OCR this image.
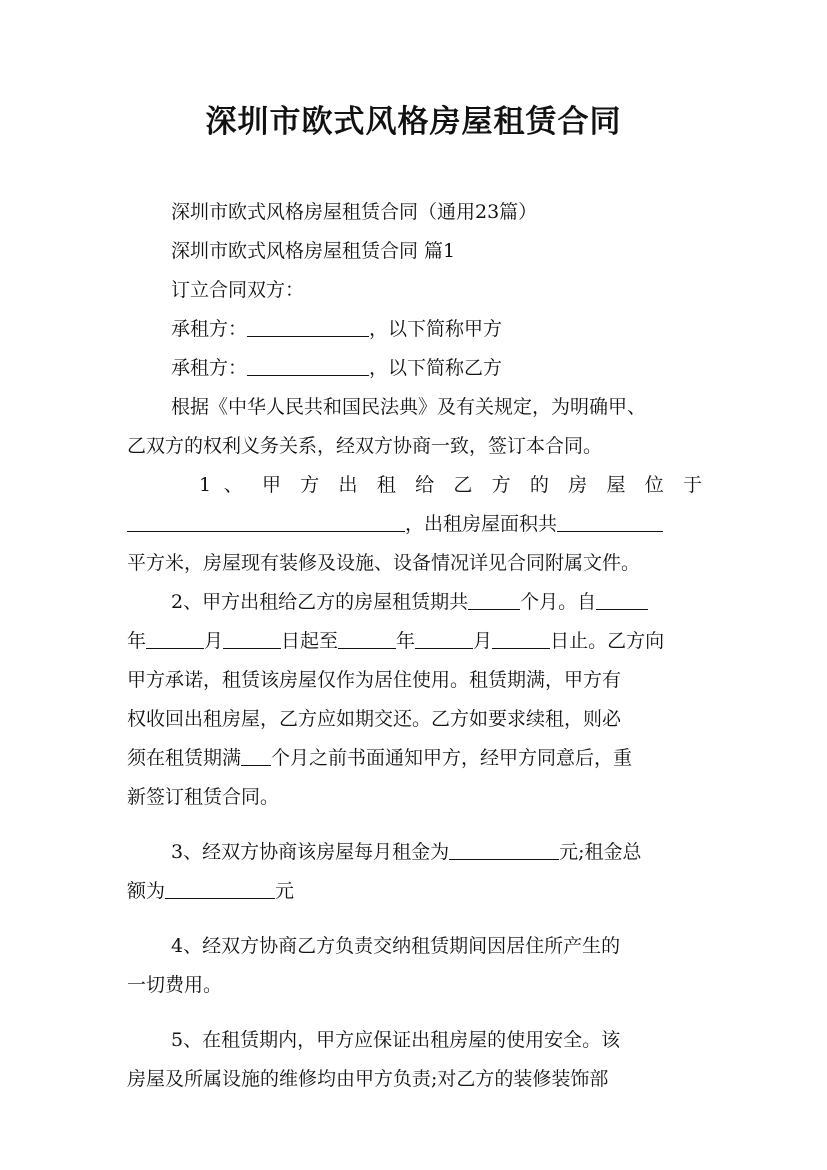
深圳市欧式风格房屋租赁合同
深圳市欧式风格房屋租赁合同（通用23篇）
深圳市欧式风格房屋租赁合同 篇1
订立合同双方：
承租方：	，以下简称甲方
承租方：	，以下简称乙方
根据《中华人民共和国民法典》及有关规定，为明确甲、
乙双方的权利义务关系，经双方协商一致，签订本合同。
1 、 甲 方 出 租 给 乙 方 的 房 屋 位 于
，出租房屋面积共
平方米，房屋现有装修及设施、设备情况详见合同附属文件。
2、甲方出租给乙方的房屋租赁期共	个月。自
年	月	日起至	年	月	日止。乙方向
甲方承诺，租赁该房屋仅作为居住使用。租赁期满，甲方有
权收回出租房屋，乙方应如期交还。乙方如要求续租，则必
须在租赁期满 个月之前书面通知甲方，经甲方同意后，重
新签订租赁合同。
3、经双方协商该房屋每月租金为	元;租金总
额为	元
4、经双方协商乙方负责交纳租赁期间因居住所产生的
一切费用。
5、在租赁期内，甲方应保证出租房屋的使用安全。该
房屋及所属设施的维修均由甲方负责;对乙方的装修装饰部
